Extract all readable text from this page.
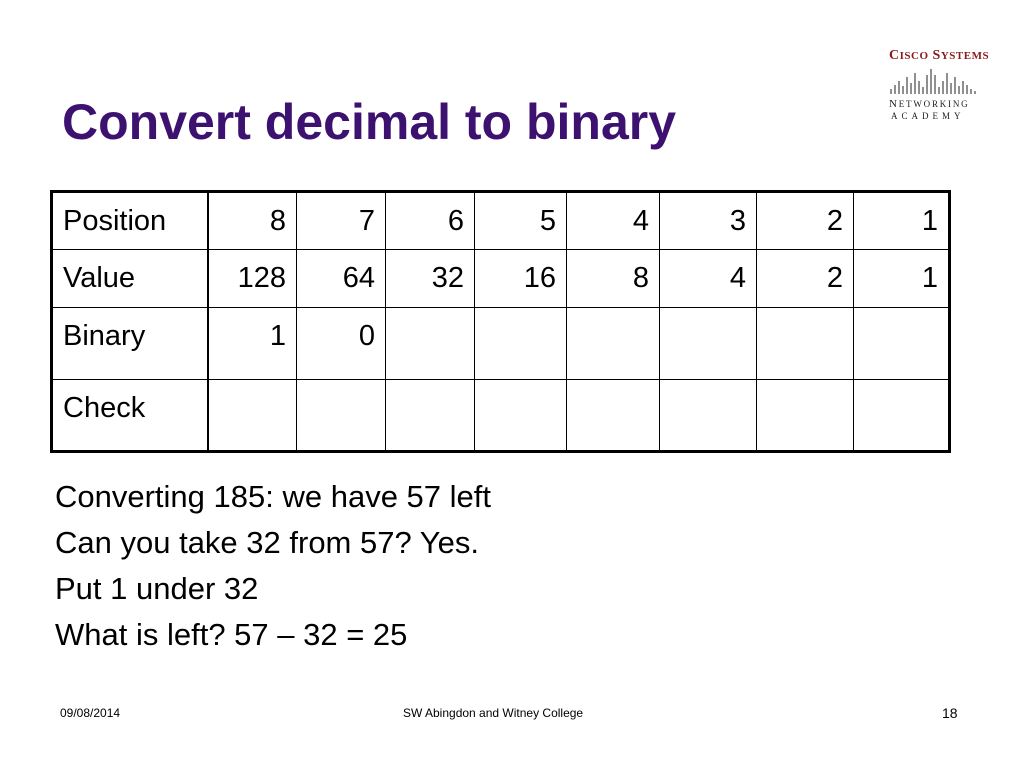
Convert decimal to binary
CISCO SYSTEMS
NETWORKING
ACADEMY
Position	8	7	6	5	4	3	2	1
Value	128	64	32	16	8	4	2	1
Binary	1	0						
Check								
Converting 185: we have 57 left
Can you take 32 from 57? Yes.
Put 1 under 32
What is left? 57 – 32 = 25
09/08/2014	SW Abingdon and Witney College	18
